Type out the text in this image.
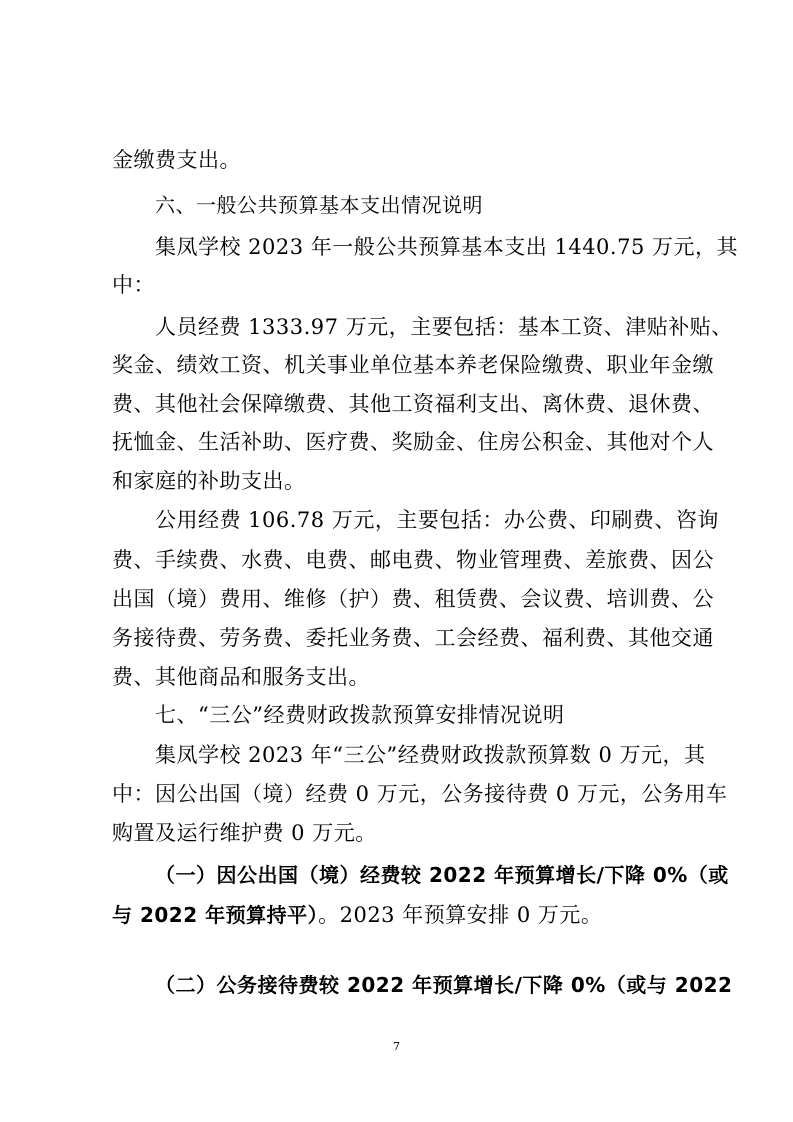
金缴费支出。
六、一般公共预算基本支出情况说明
集凤学校 2023 年一般公共预算基本支出 1440.75 万元，其
中：
人员经费 1333.97 万元，主要包括：基本工资、津贴补贴、
奖金、绩效工资、机关事业单位基本养老保险缴费、职业年金缴
费、其他社会保障缴费、其他工资福利支出、离休费、退休费、
抚恤金、生活补助、医疗费、奖励金、住房公积金、其他对个人
和家庭的补助支出。
公用经费 106.78 万元，主要包括：办公费、印刷费、咨询
费、手续费、水费、电费、邮电费、物业管理费、差旅费、因公
出国（境）费用、维修（护）费、租赁费、会议费、培训费、公
务接待费、劳务费、委托业务费、工会经费、福利费、其他交通
费、其他商品和服务支出。
七、“三公”经费财政拨款预算安排情况说明
集凤学校 2023 年“三公”经费财政拨款预算数 0 万元，其
中：因公出国（境）经费 0 万元，公务接待费 0 万元，公务用车
购置及运行维护费 0 万元。
（一）因公出国（境）经费较 2022 年预算增长/下降 0%（或
与 2022 年预算持平）。2023 年预算安排 0 万元。
（二）公务接待费较 2022 年预算增长/下降 0%（或与 2022
7
